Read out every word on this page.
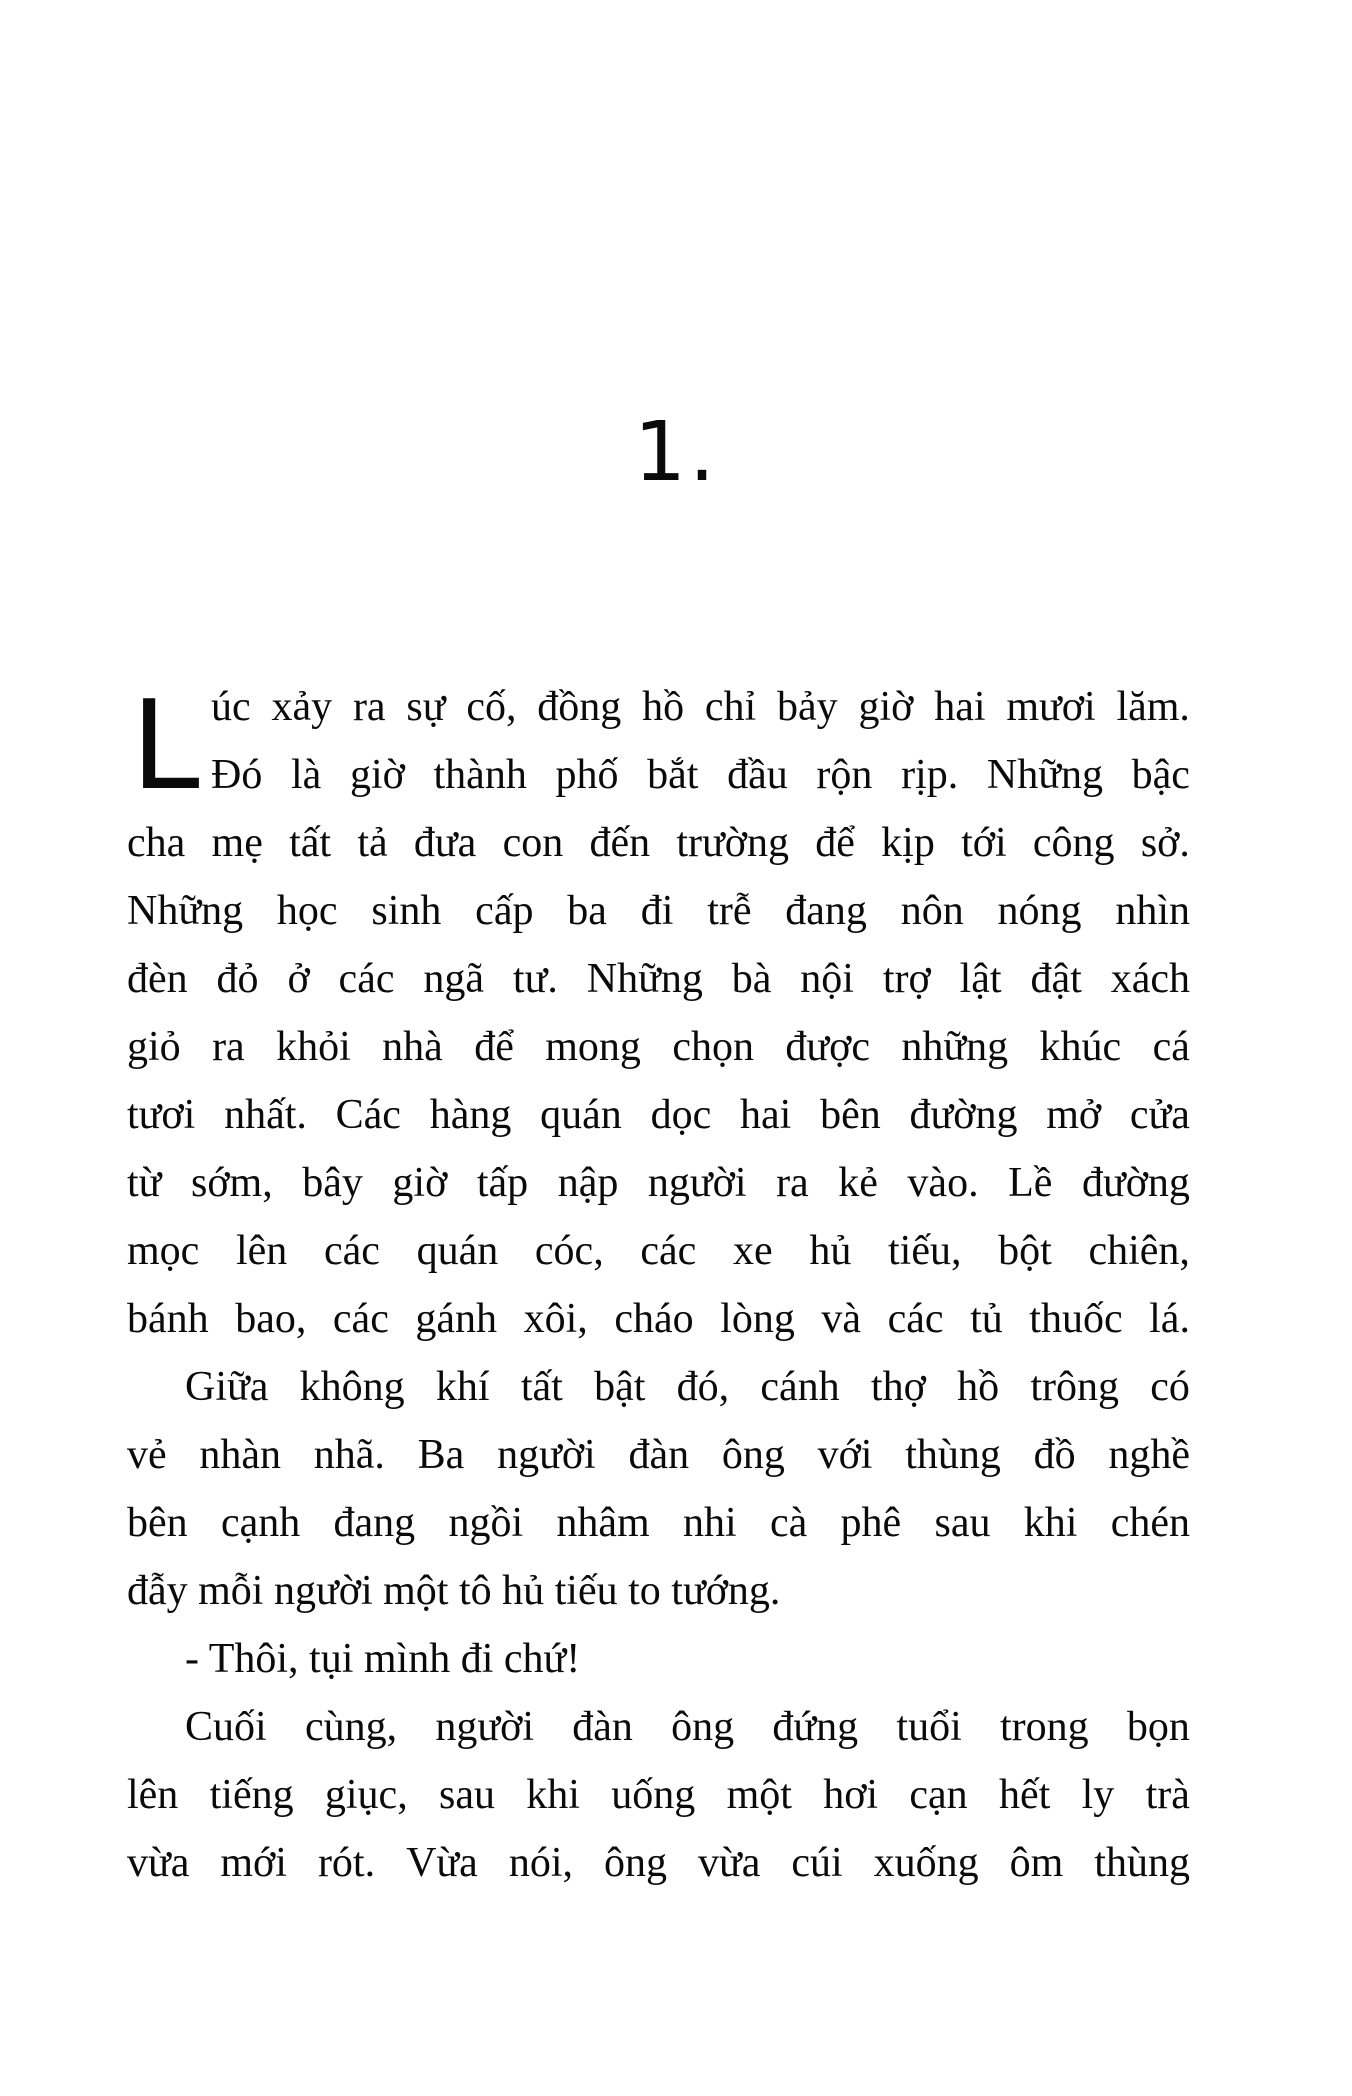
1.
L úc xảy ra sự cố, đồng hồ chỉ bảy giờ hai mươi lăm.
Đó là giờ thành phố bắt đầu rộn rịp. Những bậc
cha mẹ tất tả đưa con đến trường để kịp tới công sở.
Những học sinh cấp ba đi trễ đang nôn nóng nhìn
đèn đỏ ở các ngã tư. Những bà nội trợ lật đật xách
giỏ ra khỏi nhà để mong chọn được những khúc cá
tươi nhất. Các hàng quán dọc hai bên đường mở cửa
từ sớm, bây giờ tấp nập người ra kẻ vào. Lề đường
mọc lên các quán cóc, các xe hủ tiếu, bột chiên,
bánh bao, các gánh xôi, cháo lòng và các tủ thuốc lá.
Giữa không khí tất bật đó, cánh thợ hồ trông có
vẻ nhàn nhã. Ba người đàn ông với thùng đồ nghề
bên cạnh đang ngồi nhâm nhi cà phê sau khi chén
đẫy mỗi người một tô hủ tiếu to tướng.
- Thôi, tụi mình đi chứ!
Cuối cùng, người đàn ông đứng tuổi trong bọn
lên tiếng giục, sau khi uống một hơi cạn hết ly trà
vừa mới rót. Vừa nói, ông vừa cúi xuống ôm thùng
